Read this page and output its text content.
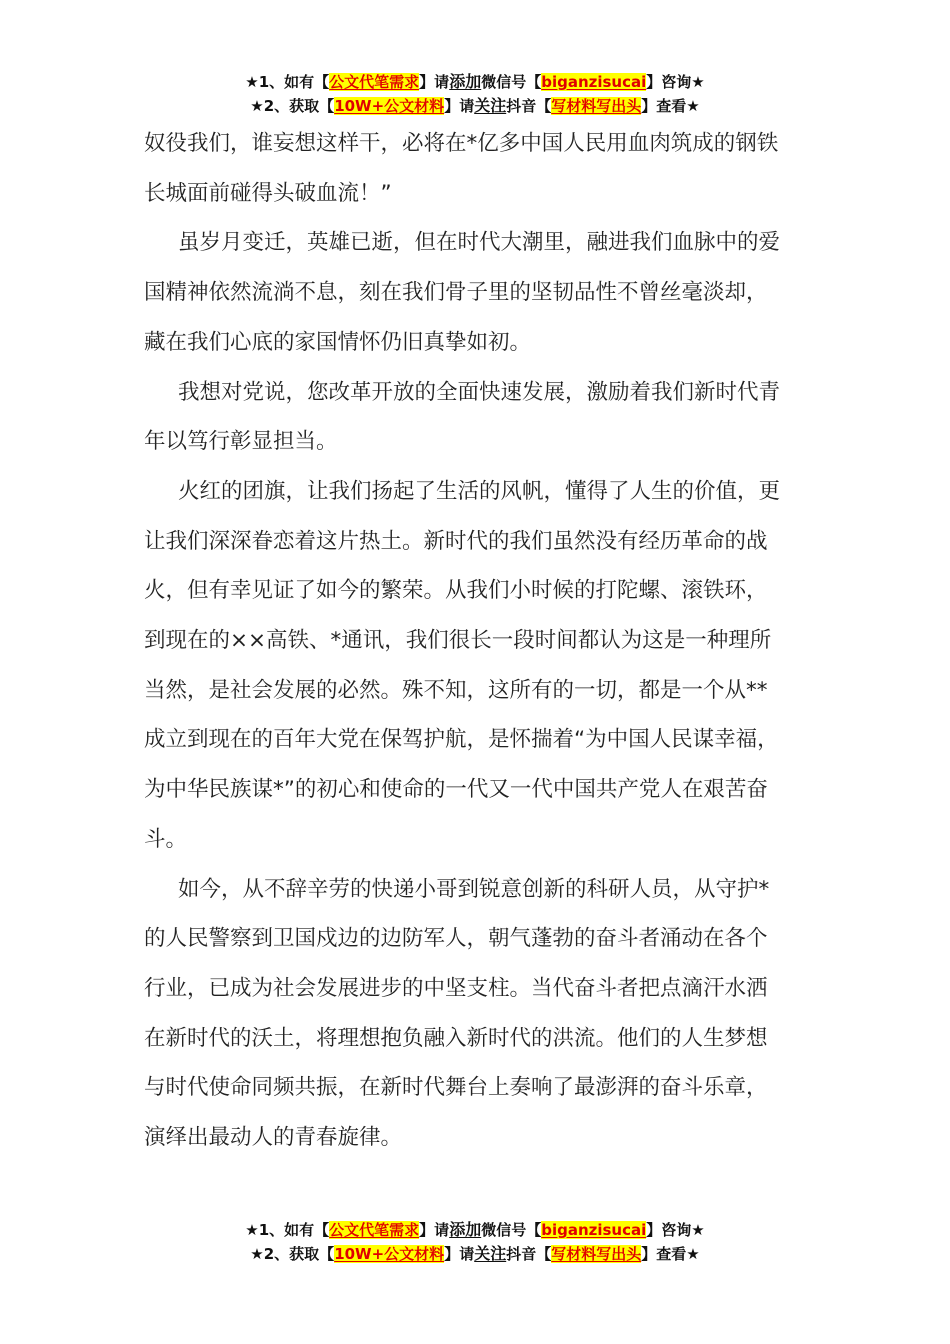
★1、如有【公文代笔需求】请添加微信号【biganzisucai】咨询★
★2、获取【10W+公文材料】请关注抖音【写材料写出头】查看★

奴役我们，谁妄想这样干，必将在*亿多中国人民用血肉筑成的钢铁
长城面前碰得头破血流！”

虽岁月变迁，英雄已逝，但在时代大潮里，融进我们血脉中的爱
国精神依然流淌不息，刻在我们骨子里的坚韧品性不曾丝毫淡却，
藏在我们心底的家国情怀仍旧真挚如初。

我想对党说，您改革开放的全面快速发展，激励着我们新时代青
年以笃行彰显担当。

火红的团旗，让我们扬起了生活的风帆，懂得了人生的价值，更
让我们深深眷恋着这片热土。新时代的我们虽然没有经历革命的战
火，但有幸见证了如今的繁荣。从我们小时候的打陀螺、滚铁环，
到现在的××高铁、*通讯，我们很长一段时间都认为这是一种理所
当然，是社会发展的必然。殊不知，这所有的一切，都是一个从**
成立到现在的百年大党在保驾护航，是怀揣着“为中国人民谋幸福，
为中华民族谋*”的初心和使命的一代又一代中国共产党人在艰苦奋
斗。

如今，从不辞辛劳的快递小哥到锐意创新的科研人员，从守护*
的人民警察到卫国戍边的边防军人，朝气蓬勃的奋斗者涌动在各个
行业，已成为社会发展进步的中坚支柱。当代奋斗者把点滴汗水洒
在新时代的沃土，将理想抱负融入新时代的洪流。他们的人生梦想
与时代使命同频共振，在新时代舞台上奏响了最澎湃的奋斗乐章，
演绎出最动人的青春旋律。

★1、如有【公文代笔需求】请添加微信号【biganzisucai】咨询★
★2、获取【10W+公文材料】请关注抖音【写材料写出头】查看★
